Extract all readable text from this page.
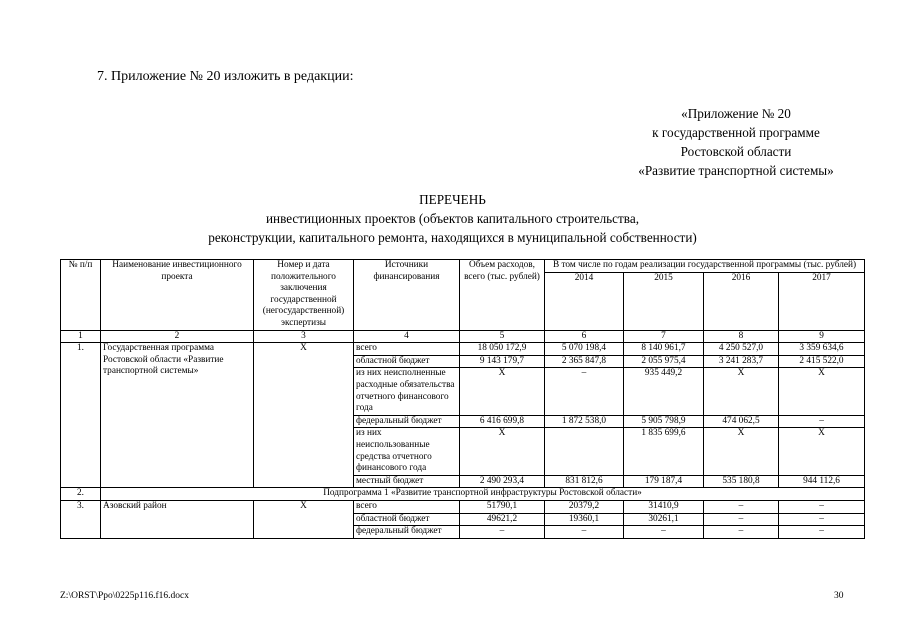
7. Приложение № 20 изложить в редакции:
«Приложение № 20
к государственной программе
Ростовской области
«Развитие транспортной системы»
ПЕРЕЧЕНЬ
инвестиционных проектов (объектов капитального строительства,
реконструкции, капитального ремонта, находящихся в муниципальной собственности)
№ п/п	Наименование инвестиционного проекта	Номер и дата положительного заключения государственной (негосударственной) экспертизы	Источники финансирования	Объем расходов, всего (тыс. рублей)	В том числе по годам реализации государственной программы (тыс. рублей)			
					2014	2015	2016	2017
1	2	3	4	5	6	7	8	9
1.	Государственная программа Ростовской области «Развитие транспортной системы»	Х	всего	18 050 172,9	5 070 198,4	8 140 961,7	4 250 527,0	3 359 634,6
			областной бюджет	9 143 179,7	2 365 847,8	2 055 975,4	3 241 283,7	2 415 522,0
			из них неисполненные расходные обязательства отчетного финансового года	Х	–	935 449,2	Х	Х
			федеральный бюджет	6 416 699,8	1 872 538,0	5 905 798,9	474 062,5	–
			из них неиспользованные средства отчетного финансового года	Х		1 835 699,6	Х	Х
			местный бюджет	2 490 293,4	831 812,6	179 187,4	535 180,8	944 112,6
2.	Подпрограмма 1 «Развитие транспортной инфраструктуры Ростовской области»							
3.	Азовский район	Х	всего	51790,1	20379,2	31410,9	–	–
			областной бюджет	49621,2	19360,1	30261,1	–	–
			федеральный бюджет	–	–	–	–	–
Z:\ORST\Ppo\0225p116.f16.docx	30
